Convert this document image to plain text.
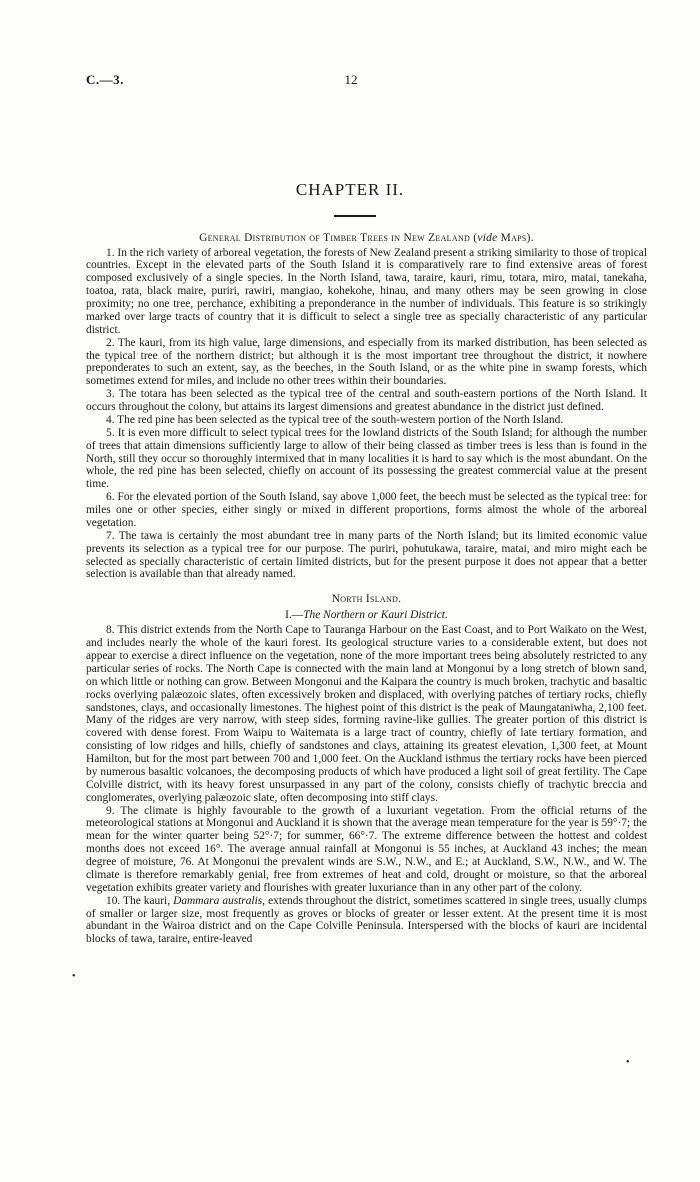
C.—3.	12
CHAPTER II.

General Distribution of Timber Trees in New Zealand (vide Maps).

1. In the rich variety of arboreal vegetation, the forests of New Zealand present a striking similarity to those of tropical countries. Except in the elevated parts of the South Island it is comparatively rare to find extensive areas of forest composed exclusively of a single species. In the North Island, tawa, taraire, kauri, rimu, totara, miro, matai, tanekaha, toatoa, rata, black maire, puriri, rawiri, mangiao, kohekohe, hinau, and many others may be seen growing in close proximity; no one tree, perchance, exhibiting a preponderance in the number of individuals. This feature is so strikingly marked over large tracts of country that it is difficult to select a single tree as specially characteristic of any particular district.

2. The kauri, from its high value, large dimensions, and especially from its marked distribution, has been selected as the typical tree of the northern district; but although it is the most important tree throughout the district, it nowhere preponderates to such an extent, say, as the beeches, in the South Island, or as the white pine in swamp forests, which sometimes extend for miles, and include no other trees within their boundaries.

3. The totara has been selected as the typical tree of the central and south-eastern portions of the North Island. It occurs throughout the colony, but attains its largest dimensions and greatest abundance in the district just defined.

4. The red pine has been selected as the typical tree of the south-western portion of the North Island.

5. It is even more difficult to select typical trees for the lowland districts of the South Island; for although the number of trees that attain dimensions sufficiently large to allow of their being classed as timber trees is less than is found in the North, still they occur so thoroughly intermixed that in many localities it is hard to say which is the most abundant. On the whole, the red pine has been selected, chiefly on account of its possessing the greatest commercial value at the present time.

6. For the elevated portion of the South Island, say above 1,000 feet, the beech must be selected as the typical tree: for miles one or other species, either singly or mixed in different proportions, forms almost the whole of the arboreal vegetation.

7. The tawa is certainly the most abundant tree in many parts of the North Island; but its limited economic value prevents its selection as a typical tree for our purpose. The puriri, pohutukawa, taraire, matai, and miro might each be selected as specially characteristic of certain limited districts, but for the present purpose it does not appear that a better selection is available than that already named.

North Island.

I.—The Northern or Kauri District.

8. This district extends from the North Cape to Tauranga Harbour on the East Coast, and to Port Waikato on the West, and includes nearly the whole of the kauri forest. Its geological structure varies to a considerable extent, but does not appear to exercise a direct influence on the vegetation, none of the more important trees being absolutely restricted to any particular series of rocks. The North Cape is connected with the main land at Mongonui by a long stretch of blown sand, on which little or nothing can grow. Between Mongonui and the Kaipara the country is much broken, trachytic and basaltic rocks overlying palæozoic slates, often excessively broken and displaced, with overlying patches of tertiary rocks, chiefly sandstones, clays, and occasionally limestones. The highest point of this district is the peak of Maungataniwha, 2,100 feet. Many of the ridges are very narrow, with steep sides, forming ravine-like gullies. The greater portion of this district is covered with dense forest. From Waipu to Waitemata is a large tract of country, chiefly of late tertiary formation, and consisting of low ridges and hills, chiefly of sandstones and clays, attaining its greatest elevation, 1,300 feet, at Mount Hamilton, but for the most part between 700 and 1,000 feet. On the Auckland isthmus the tertiary rocks have been pierced by numerous basaltic volcanoes, the decomposing products of which have produced a light soil of great fertility. The Cape Colville district, with its heavy forest unsurpassed in any part of the colony, consists chiefly of trachytic breccia and conglomerates, overlying palæozoic slate, often decomposing into stiff clays.

9. The climate is highly favourable to the growth of a luxuriant vegetation. From the official returns of the meteorological stations at Mongonui and Auckland it is shown that the average mean temperature for the year is 59°·7; the mean for the winter quarter being 52°·7; for summer, 66°·7. The extreme difference between the hottest and coldest months does not exceed 16°. The average annual rainfall at Mongonui is 55 inches, at Auckland 43 inches; the mean degree of moisture, 76. At Mongonui the prevalent winds are S.W., N.W., and E.; at Auckland, S.W., N.W., and W. The climate is therefore remarkably genial, free from extremes of heat and cold, drought or moisture, so that the arboreal vegetation exhibits greater variety and flourishes with greater luxuriance than in any other part of the colony.

10. The kauri, Dammara australis, extends throughout the district, sometimes scattered in single trees, usually clumps of smaller or larger size, most frequently as groves or blocks of greater or lesser extent. At the present time it is most abundant in the Wairoa district and on the Cape Colville Peninsula. Interspersed with the blocks of kauri are incidental blocks of tawa, taraire, entire-leaved

•
•
